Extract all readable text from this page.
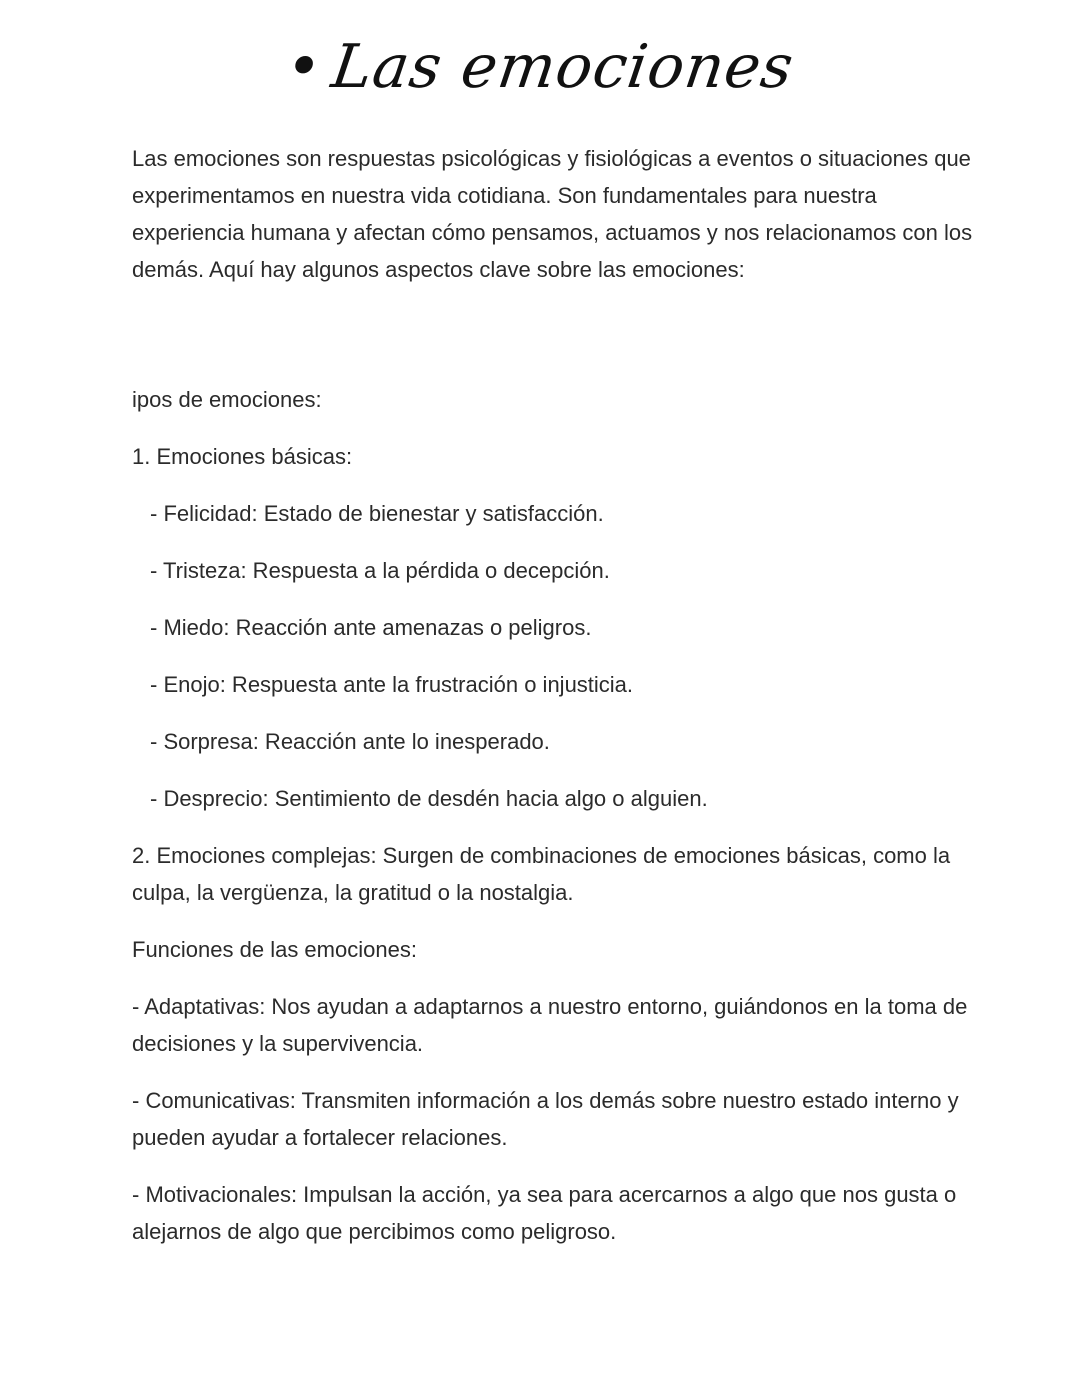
•Las emociones

Las emociones son respuestas psicológicas y fisiológicas a eventos o situaciones que experimentamos en nuestra vida cotidiana. Son fundamentales para nuestra experiencia humana y afectan cómo pensamos, actuamos y nos relacionamos con los demás. Aquí hay algunos aspectos clave sobre las emociones:

ipos de emociones:

1. Emociones básicas:

- Felicidad: Estado de bienestar y satisfacción.
- Tristeza: Respuesta a la pérdida o decepción.
- Miedo: Reacción ante amenazas o peligros.
- Enojo: Respuesta ante la frustración o injusticia.
- Sorpresa: Reacción ante lo inesperado.
- Desprecio: Sentimiento de desdén hacia algo o alguien.

2. Emociones complejas: Surgen de combinaciones de emociones básicas, como la culpa, la vergüenza, la gratitud o la nostalgia.

Funciones de las emociones:

- Adaptativas: Nos ayudan a adaptarnos a nuestro entorno, guiándonos en la toma de decisiones y la supervivencia.

- Comunicativas: Transmiten información a los demás sobre nuestro estado interno y pueden ayudar a fortalecer relaciones.

- Motivacionales: Impulsan la acción, ya sea para acercarnos a algo que nos gusta o alejarnos de algo que percibimos como peligroso.
